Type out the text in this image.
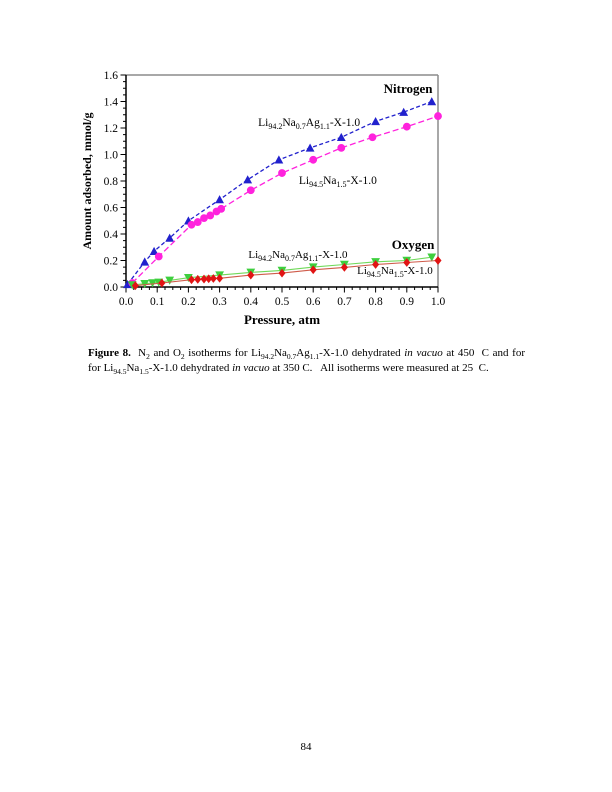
0.0 0.1 0.2 0.3 0.4 0.5 0.6 0.7 0.8 0.9 1.0
0.0
0.2
0.4
0.6
0.8
1.0
1.2
1.4
1.6
Pressure, atm
Amount adsorbed, mmol/g
Nitrogen
$Li_{94.2}Na_{0.7}Ag_{1.1}-X-1.0$
$Li_{94.5}Na_{1.5}-X-1.0$
Oxygen
$Li_{94.2}Na_{0.7}Ag_{1.1}-X-1.0$
$Li_{94.5}Na_{1.5}-X-1.0$

Figure 8.  $N_2$ and $O_2$ isotherms for $Li_{94.2}Na_{0.7}Ag_{1.1}-X-1.0$ dehydrated in vacuo at 450  C and for for $Li_{94.5}Na_{1.5}-X-1.0$ dehydrated in vacuo at 350 C.   All isotherms were measured at 25  C.

84
